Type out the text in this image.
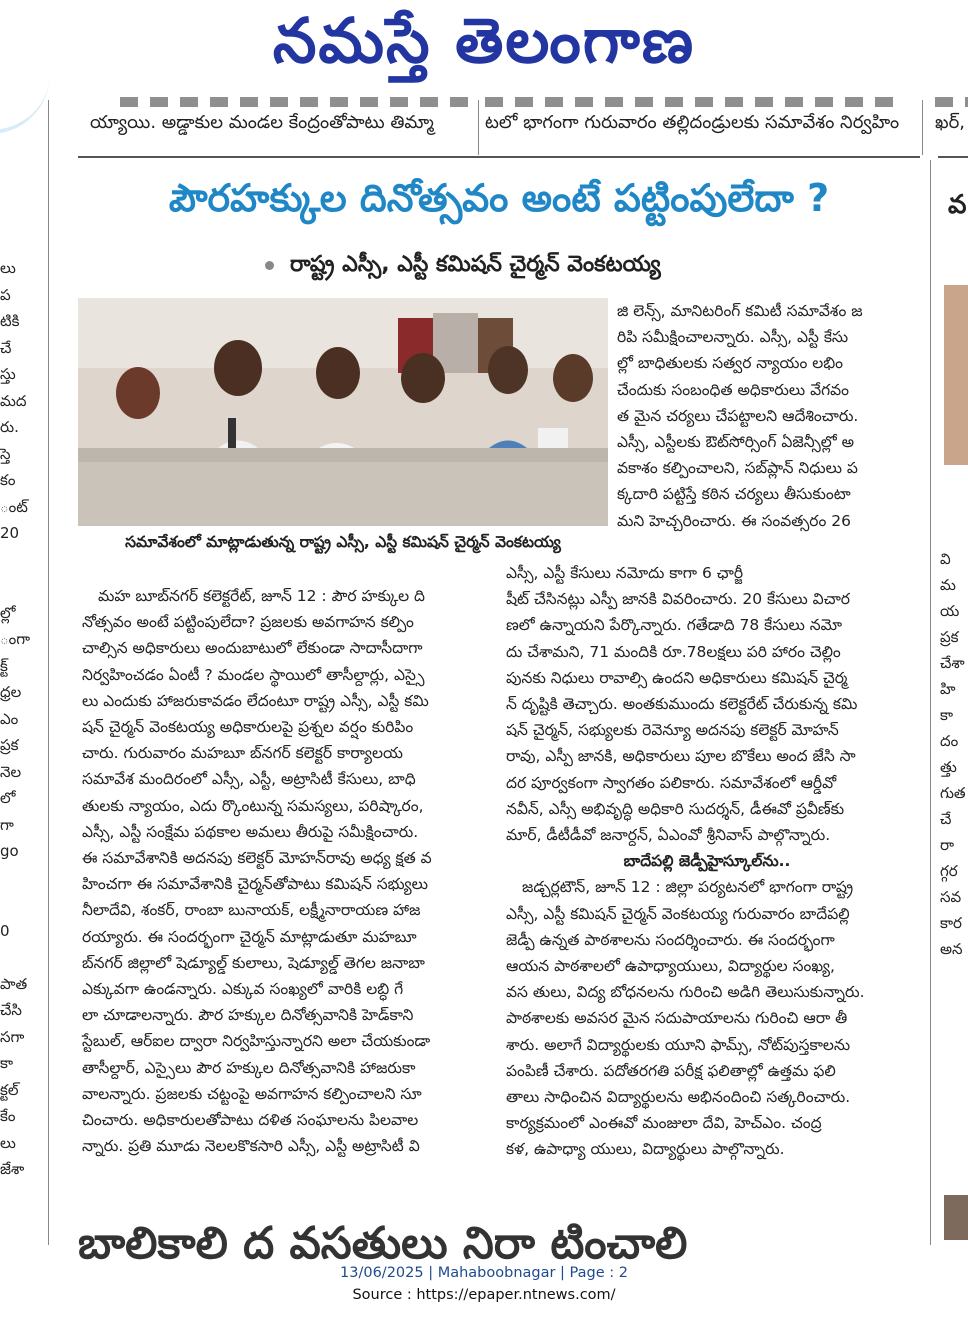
నమస్తే తెలంగాణ
య్యాయి. అడ్డాకుల మండల కేంద్రంతోపాటు తిమ్మా	టలో భాగంగా గురువారం తల్లిదండ్రులకు సమావేశం నిర్వహిం	ఖర్,
పౌరహక్కుల దినోత్సవం అంటే పట్టింపులేదా ?	వ
రాష్ట్ర ఎస్సీ, ఎస్టీ కమిషన్ చైర్మన్ వెంకటయ్య
సమావేశంలో మాట్లాడుతున్న రాష్ట్ర ఎస్సీ, ఎస్టీ కమిషన్ చైర్మన్ వెంకటయ్య
మహ బూబ్‌నగర్ కలెక్టరేట్, జూన్ 12 : పౌర హక్కుల ది
నోత్సవం అంటే పట్టింపులేదా? ప్రజలకు అవగాహన కల్పిం
చాల్సిన అధికారులు అందుబాటులో లేకుండా సాదాసీదాగా
నిర్వహించడం ఏంటీ ? మండల స్థాయిలో తాసీల్దార్లు, ఎస్సై
లు ఎందుకు హాజరుకావడం లేదంటూ రాష్ట్ర ఎస్సీ, ఎస్టీ కమి
షన్ చైర్మన్ వెంకటయ్య అధికారులపై ప్రశ్నల వర్షం కురిపిం
చారు. గురువారం మహబూ బ్‌నగర్ కలెక్టర్ కార్యాలయ
సమావేశ మందిరంలో ఎస్సీ, ఎస్టీ, అట్రాసిటీ కేసులు, బాధి
తులకు న్యాయం, ఎదు ర్కొంటున్న సమస్యలు, పరిష్కారం,
ఎస్సీ, ఎస్టీ సంక్షేమ పథకాల అమలు తీరుపై సమీక్షించారు.
ఈ సమావేశానికి అదనపు కలెక్టర్ మోహన్‌రావు అధ్య క్షత వ
హించగా ఈ సమావేశానికి చైర్మన్‌తోపాటు కమిషన్ సభ్యులు
నీలాదేవి, శంకర్, రాంబా బునాయక్, లక్ష్మీనారాయణ హాజ
రయ్యారు. ఈ సందర్భంగా చైర్మన్ మాట్లాడుతూ మహబూ
బ్‌నగర్ జిల్లాలో షెడ్యూల్డ్ కులాలు, షెడ్యూల్డ్ తెగల జనాబా
ఎక్కువగా ఉండన్నారు. ఎక్కువ సంఖ్యలో వారికి లబ్ధి గే
లా చూడాలన్నారు. పౌర హక్కుల దినోత్సవానికి హెడ్‌కాని
స్టేబుల్, ఆర్‌ఐల ద్వారా నిర్వహిస్తున్నారని అలా చేయకుండా
తాసీల్దార్, ఎస్సైలు పౌర హక్కుల దినోత్సవానికి హాజరుకా
వాలన్నారు. ప్రజలకు చట్టంపై అవగాహన కల్పించాలని సూ
చించారు. అధికారులతోపాటు దళిత సంఘాలను పిలవాల
న్నారు. ప్రతి మూడు నెలలకొకసారి ఎస్సీ, ఎస్టీ అట్రాసిటీ వి
జి లెన్స్, మానిటరింగ్ కమిటీ సమావేశం జ
రిపి సమీక్షించాలన్నారు. ఎస్సీ, ఎస్టీ కేసు
ల్లో బాధితులకు సత్వర న్యాయం లభిం
చేందుకు సంబంధిత అధికారులు వేగవం
త మైన చర్యలు చేపట్టాలని ఆదేశించారు.
ఎస్సీ, ఎస్టీలకు ఔట్‌సోర్సింగ్ ఏజెన్సీల్లో అ
వకాశం కల్పించాలని, సబ్‌ప్లాన్ నిధులు ప
క్కదారి పట్టిస్తే కఠిన చర్యలు తీసుకుంటా
మని హెచ్చరించారు. ఈ సంవత్సరం 26
ఎస్సీ, ఎస్టీ కేసులు నమోదు కాగా 6 ఛార్జీ
షీట్ చేసినట్లు ఎస్పీ జానకి వివరించారు. 20 కేసులు విచార
ణలో ఉన్నాయని పేర్కొన్నారు. గతేడాది 78 కేసులు నమో
దు చేశామని, 71 మందికి రూ.78లక్షలు పరి హారం చెల్లిం
పునకు నిధులు రావాల్సి ఉందని అధికారులు కమిషన్ చైర్మ
న్ దృష్టికి తెచ్చారు. అంతకుముందు కలెక్టరేట్ చేరుకున్న కమి
షన్ చైర్మన్, సభ్యులకు రెవెన్యూ అదనపు కలెక్టర్ మోహన్
రావు, ఎస్పీ జానకి, అధికారులు పూల బొకేలు అంద జేసి సా
దర పూర్వకంగా స్వాగతం పలికారు. సమావేశంలో ఆర్డీవో
నవీన్, ఎస్సీ అభివృద్ధి అధికారి సుదర్శన్, డీఈవో ప్రవీణ్‌కు
మార్, డీటీడీవో జనార్దన్, ఏఎంవో శ్రీనివాస్ పాల్గొన్నారు.
బాదేపల్లి జెడ్పీహైస్కూల్‌ను..
జడ్చర్లటౌన్, జూన్ 12 : జిల్లా పర్యటనలో భాగంగా రాష్ట్ర
ఎస్సీ, ఎస్టీ కమిషన్ చైర్మన్ వెంకటయ్య గురువారం బాదేపల్లి
జెడ్పీ ఉన్నత పాఠశాలను సందర్శించారు. ఈ సందర్భంగా
ఆయన పాఠశాలలో ఉపాధ్యాయులు, విద్యార్థుల సంఖ్య,
వస తులు, విద్య బోధనలను గురించి అడిగి తెలుసుకున్నారు.
పాఠశాలకు అవసర మైన సదుపాయాలను గురించి ఆరా తీ
శారు. అలాగే విద్యార్థులకు యూని ఫామ్స్, నోట్‌పుస్తకాలను
పంపిణీ చేశారు. పదోతరగతి పరీక్ష ఫలితాల్లో ఉత్తమ ఫలి
తాలు సాధించిన విద్యార్థులను అభినందించి సత్కరించారు.
కార్యక్రమంలో ఎంఈవో మంజులా దేవి, హెచ్‌ఎం. చంద్ర
కళ, ఉపాధ్యా యులు, విద్యార్థులు పాల్గొన్నారు.
లు
ప
టికి
చే
స్తు
మద
రు.
స్తె
కం
ంట్
20
ల్లో
ంగా
క్ట్
ధ్రల
ఎం
ప్రక
నెల
లో
గా
go
0
పాత
చేసి
సగా
కా
క్టల్
కేం
లు
జేశా
వి
మ
య
ప్రక
చేశా
హి
కా
దం
త్తు
గుత
చే
రా
గ్గర
సవ
కార
అన
బాలికాలి ద వసతులు నిరా టించాలి
13/06/2025 | Mahaboobnagar | Page : 2
Source : https://epaper.ntnews.com/
